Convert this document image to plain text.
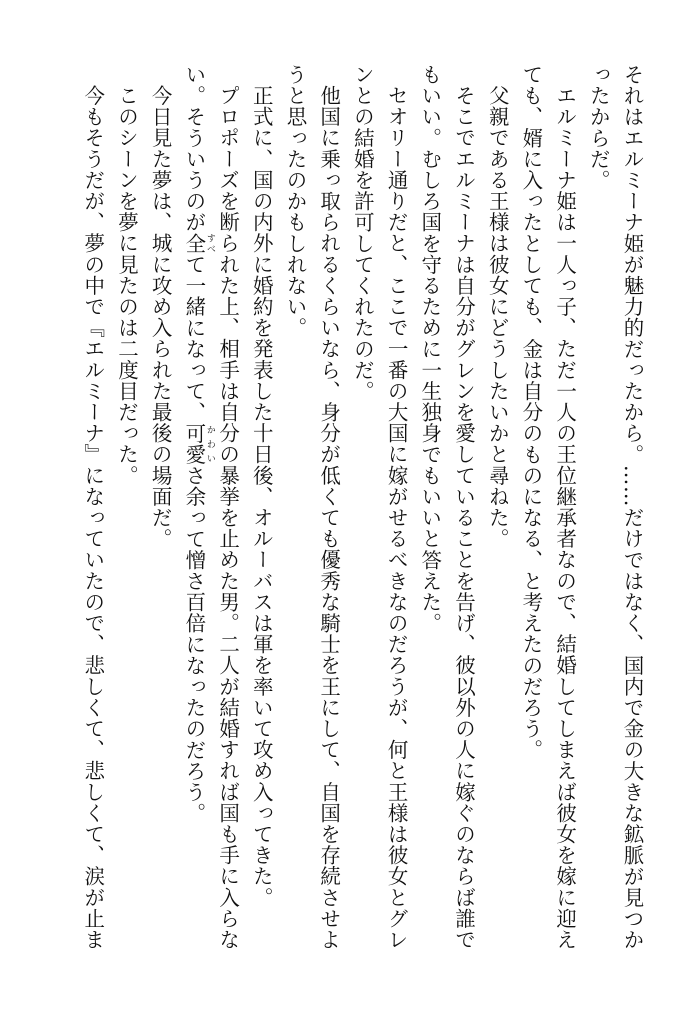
それはエルミーナ姫が魅力的だったから。……だけではなく、国内で金の大きな鉱脈が見つかったからだ。

エルミーナ姫は一人っ子、ただ一人の王位継承者なので、結婚してしまえば彼女を嫁に迎えても、婿に入ったとしても、金は自分のものになる、と考えたのだろう。

父親である王様は彼女にどうしたいかと尋ねた。

そこでエルミーナは自分がグレンを愛していることを告げ、彼以外の人に嫁ぐのならば誰でもいい。むしろ国を守るために一生独身でもいいと答えた。

セオリー通りだと、ここで一番の大国に嫁がせるべきなのだろうが、何と王様は彼女とグレンとの結婚を許可してくれたのだ。

他国に乗っ取られるくらいなら、身分が低くても優秀な騎士を王にして、自国を存続させようと思ったのかもしれない。

正式に、国の内外に婚約を発表した十日後、オルーバスは軍を率いて攻め入ってきた。

プロポーズを断られた上、相手は自分の暴挙を止めた男。二人が結婚すれば国も手に入らない。そういうのが全 すべて一緒になって、可愛 かわいさ余って憎さ百倍になったのだろう。

今日見た夢は、城に攻め入られた最後の場面だ。

このシーンを夢に見たのは二度目だった。

今もそうだが、夢の中で『エルミーナ』になっていたので、悲しくて、悲しくて、涙が止ま
